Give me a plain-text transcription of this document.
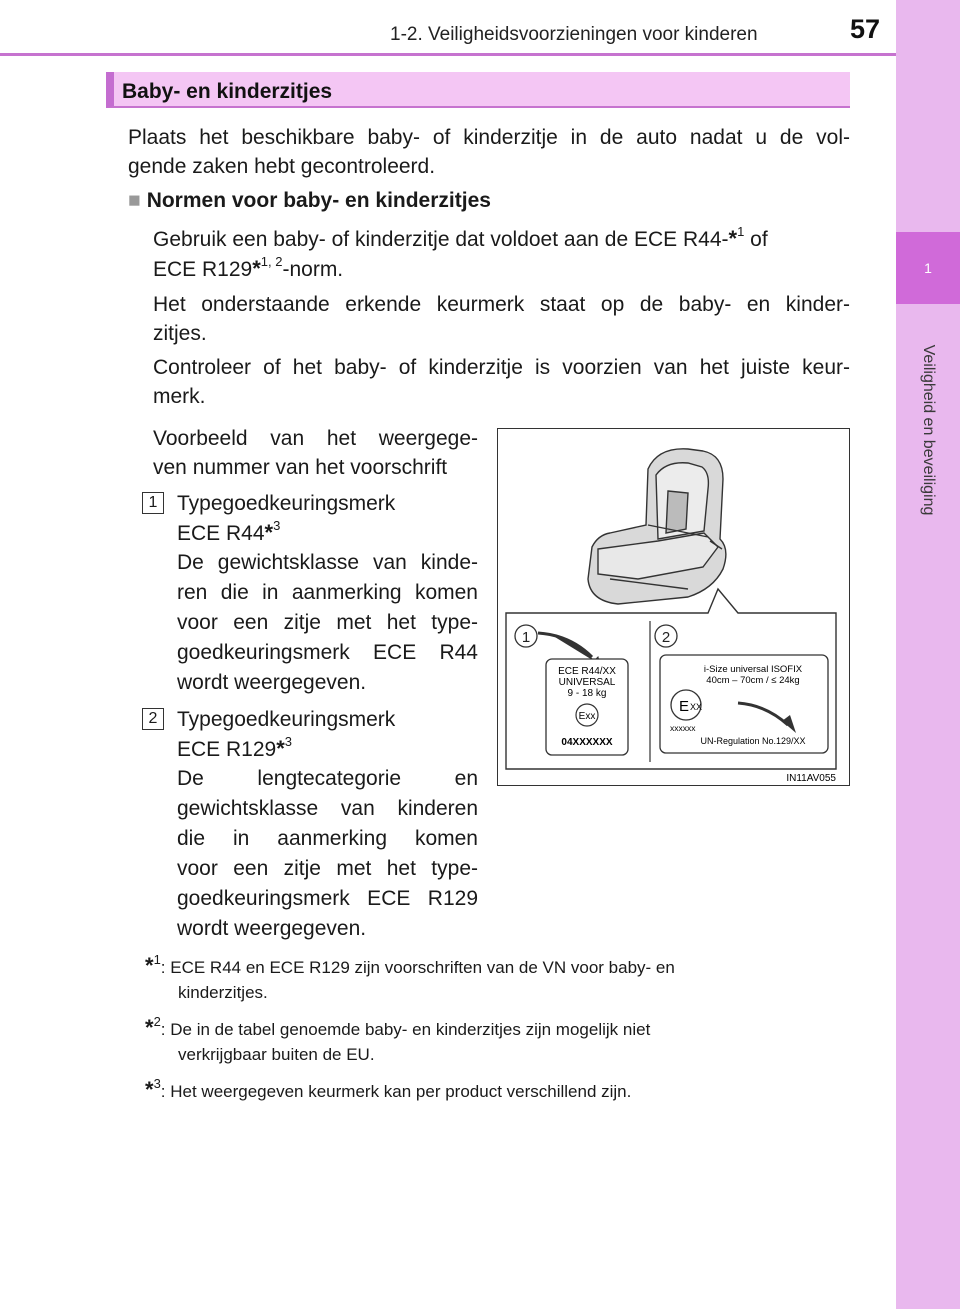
1
Veiligheid en beveiliging
1-2. Veiligheidsvoorzieningen voor kinderen	57
Baby- en kinderzitjes
Plaats het beschikbare baby- of kinderzitje in de auto nadat u de vol-
gende zaken hebt gecontroleerd.
■ Normen voor baby- en kinderzitjes
Gebruik een baby- of kinderzitje dat voldoet aan de ECE R44-*$^1$ of
ECE R129*$^{1, 2}$-norm.
Het onderstaande erkende keurmerk staat op de baby- en kinder-
zitjes.
Controleer of het baby- of kinderzitje is voorzien van het juiste keur-
merk.
Voorbeeld van het weergege-
ven nummer van het voorschrift
1 Typegoedkeuringsmerk
ECE R44*$^3$
De gewichtsklasse van kinde-
ren die in aanmerking komen
voor een zitje met het type-
goedkeuringsmerk ECE R44
wordt weergegeven.
2 Typegoedkeuringsmerk
ECE R129*$^3$
De lengtecategorie en
gewichtsklasse van kinderen
die in aanmerking komen
voor een zitje met het type-
goedkeuringsmerk ECE R129
wordt weergegeven.
1	2
ECE R44/XX
UNIVERSAL
9 - 18 kg
Exx
04XXXXXX
i-Size universal ISOFIX
40cm – 70cm / ≤ 24kg
E XX
xxxxxx
UN-Regulation No.129/XX
IN11AV055
*$^1$: ECE R44 en ECE R129 zijn voorschriften van de VN voor baby- en
kinderzitjes.
*$^2$: De in de tabel genoemde baby- en kinderzitjes zijn mogelijk niet
verkrijgbaar buiten de EU.
*$^3$: Het weergegeven keurmerk kan per product verschillend zijn.
